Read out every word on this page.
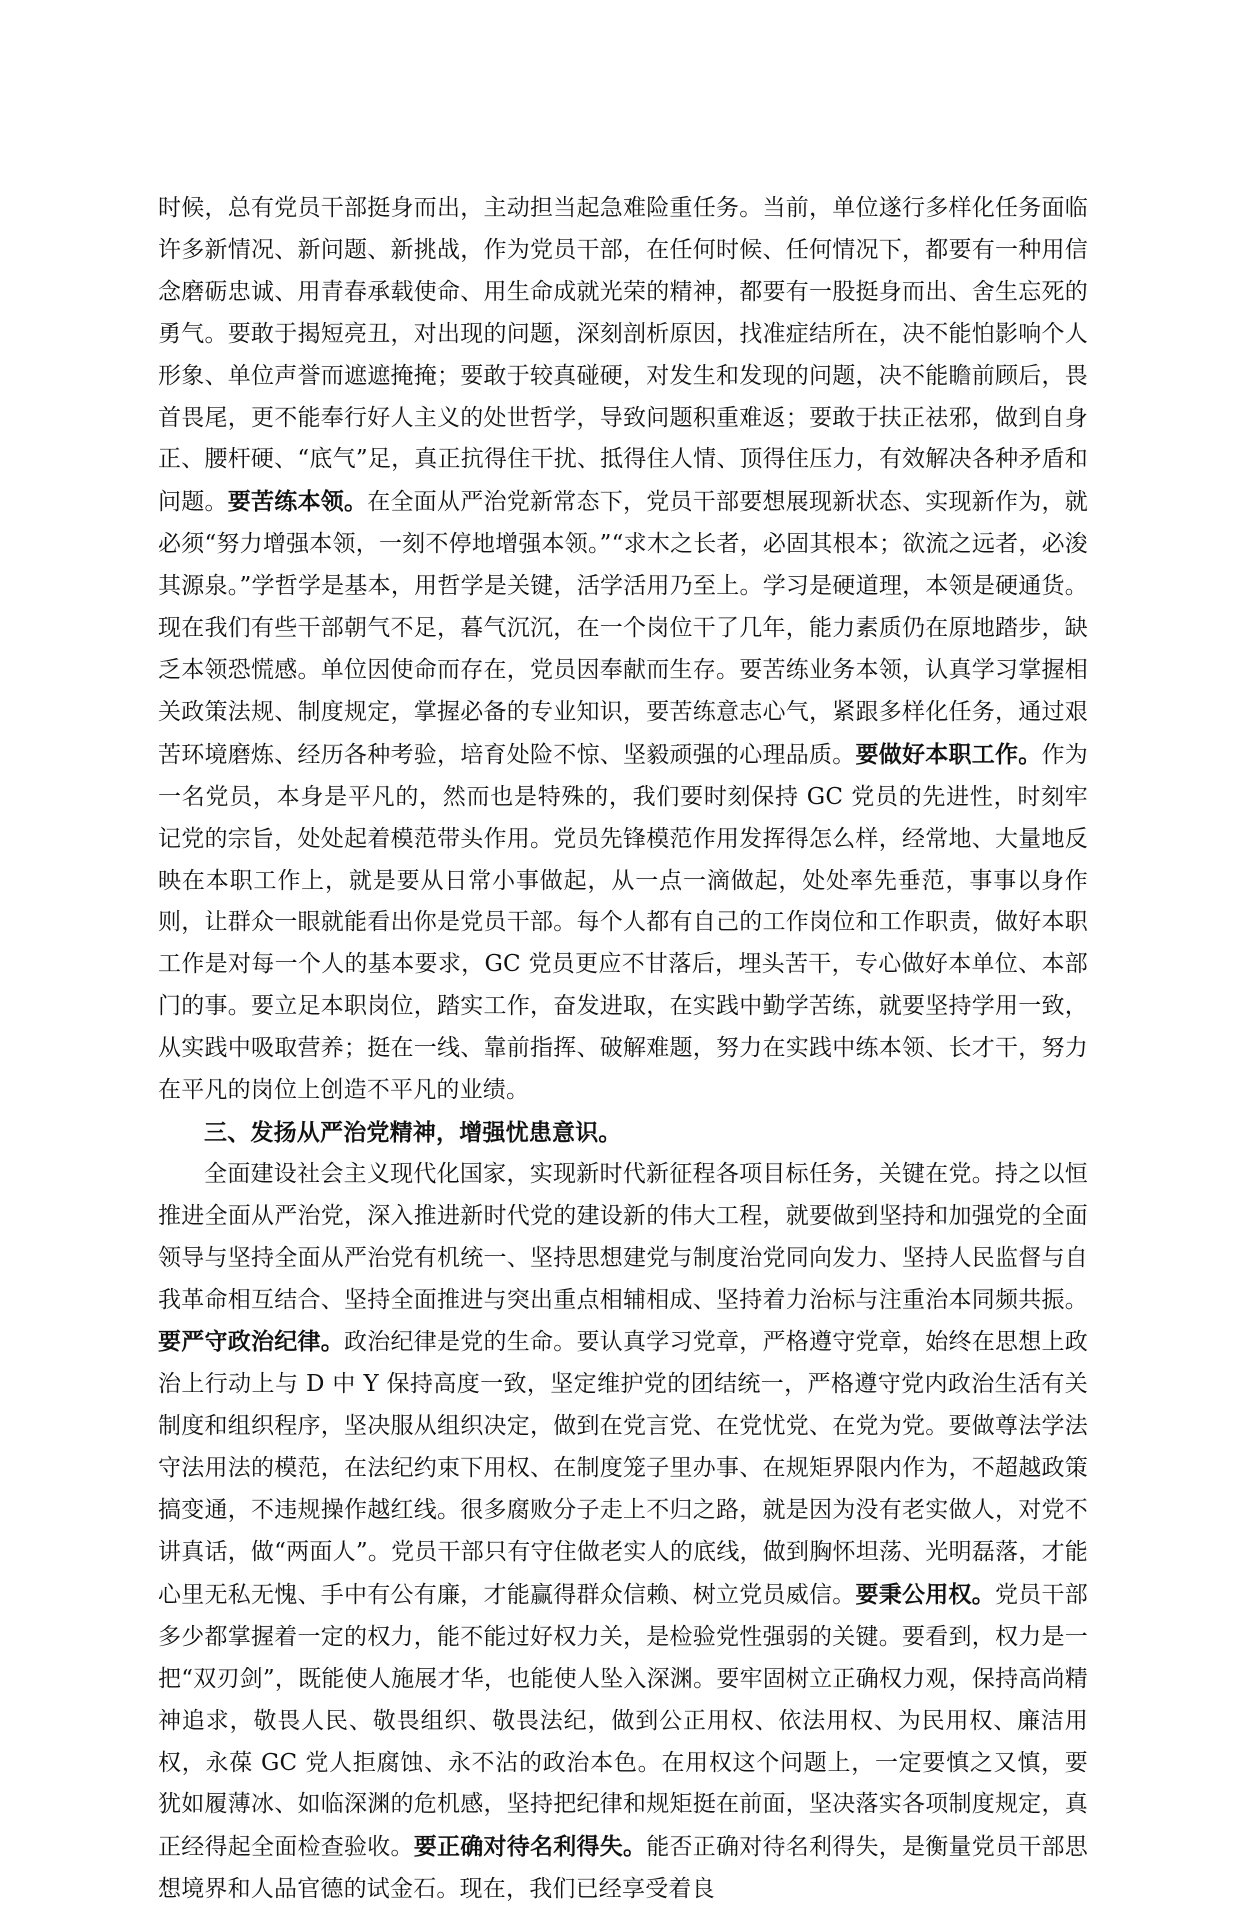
时候，总有党员干部挺身而出，主动担当起急难险重任务。当前，单位遂行多样化任务面临许多新情况、新问题、新挑战，作为党员干部，在任何时候、任何情况下，都要有一种用信念磨砺忠诚、用青春承载使命、用生命成就光荣的精神，都要有一股挺身而出、舍生忘死的勇气。要敢于揭短亮丑，对出现的问题，深刻剖析原因，找准症结所在，决不能怕影响个人形象、单位声誉而遮遮掩掩；要敢于较真碰硬，对发生和发现的问题，决不能瞻前顾后，畏首畏尾，更不能奉行好人主义的处世哲学，导致问题积重难返；要敢于扶正祛邪，做到自身正、腰杆硬、“底气”足，真正抗得住干扰、抵得住人情、顶得住压力，有效解决各种矛盾和问题。要苦练本领。在全面从严治党新常态下，党员干部要想展现新状态、实现新作为，就必须“努力增强本领，一刻不停地增强本领。”“求木之长者，必固其根本；欲流之远者，必浚其源泉。”学哲学是基本，用哲学是关键，活学活用乃至上。学习是硬道理，本领是硬通货。现在我们有些干部朝气不足，暮气沉沉，在一个岗位干了几年，能力素质仍在原地踏步，缺乏本领恐慌感。单位因使命而存在，党员因奉献而生存。要苦练业务本领，认真学习掌握相关政策法规、制度规定，掌握必备的专业知识，要苦练意志心气，紧跟多样化任务，通过艰苦环境磨炼、经历各种考验，培育处险不惊、坚毅顽强的心理品质。要做好本职工作。作为一名党员，本身是平凡的，然而也是特殊的，我们要时刻保持 GC 党员的先进性，时刻牢记党的宗旨，处处起着模范带头作用。党员先锋模范作用发挥得怎么样，经常地、大量地反映在本职工作上，就是要从日常小事做起，从一点一滴做起，处处率先垂范，事事以身作则，让群众一眼就能看出你是党员干部。每个人都有自己的工作岗位和工作职责，做好本职工作是对每一个人的基本要求，GC 党员更应不甘落后，埋头苦干，专心做好本单位、本部门的事。要立足本职岗位，踏实工作，奋发进取，在实践中勤学苦练，就要坚持学用一致，从实践中吸取营养；挺在一线、靠前指挥、破解难题，努力在实践中练本领、长才干，努力在平凡的岗位上创造不平凡的业绩。

三、发扬从严治党精神，增强忧患意识。

全面建设社会主义现代化国家，实现新时代新征程各项目标任务，关键在党。持之以恒推进全面从严治党，深入推进新时代党的建设新的伟大工程，就要做到坚持和加强党的全面领导与坚持全面从严治党有机统一、坚持思想建党与制度治党同向发力、坚持人民监督与自我革命相互结合、坚持全面推进与突出重点相辅相成、坚持着力治标与注重治本同频共振。要严守政治纪律。政治纪律是党的生命。要认真学习党章，严格遵守党章，始终在思想上政治上行动上与 D 中 Y 保持高度一致，坚定维护党的团结统一，严格遵守党内政治生活有关制度和组织程序，坚决服从组织决定，做到在党言党、在党忧党、在党为党。要做尊法学法守法用法的模范，在法纪约束下用权、在制度笼子里办事、在规矩界限内作为，不超越政策搞变通，不违规操作越红线。很多腐败分子走上不归之路，就是因为没有老实做人，对党不讲真话，做“两面人”。党员干部只有守住做老实人的底线，做到胸怀坦荡、光明磊落，才能心里无私无愧、手中有公有廉，才能赢得群众信赖、树立党员威信。要秉公用权。党员干部多少都掌握着一定的权力，能不能过好权力关，是检验党性强弱的关键。要看到，权力是一把“双刃剑”，既能使人施展才华，也能使人坠入深渊。要牢固树立正确权力观，保持高尚精神追求，敬畏人民、敬畏组织、敬畏法纪，做到公正用权、依法用权、为民用权、廉洁用权，永葆 GC 党人拒腐蚀、永不沾的政治本色。在用权这个问题上，一定要慎之又慎，要犹如履薄冰、如临深渊的危机感，坚持把纪律和规矩挺在前面，坚决落实各项制度规定，真正经得起全面检查验收。要正确对待名利得失。能否正确对待名利得失，是衡量党员干部思想境界和人品官德的试金石。现在，我们已经享受着良
